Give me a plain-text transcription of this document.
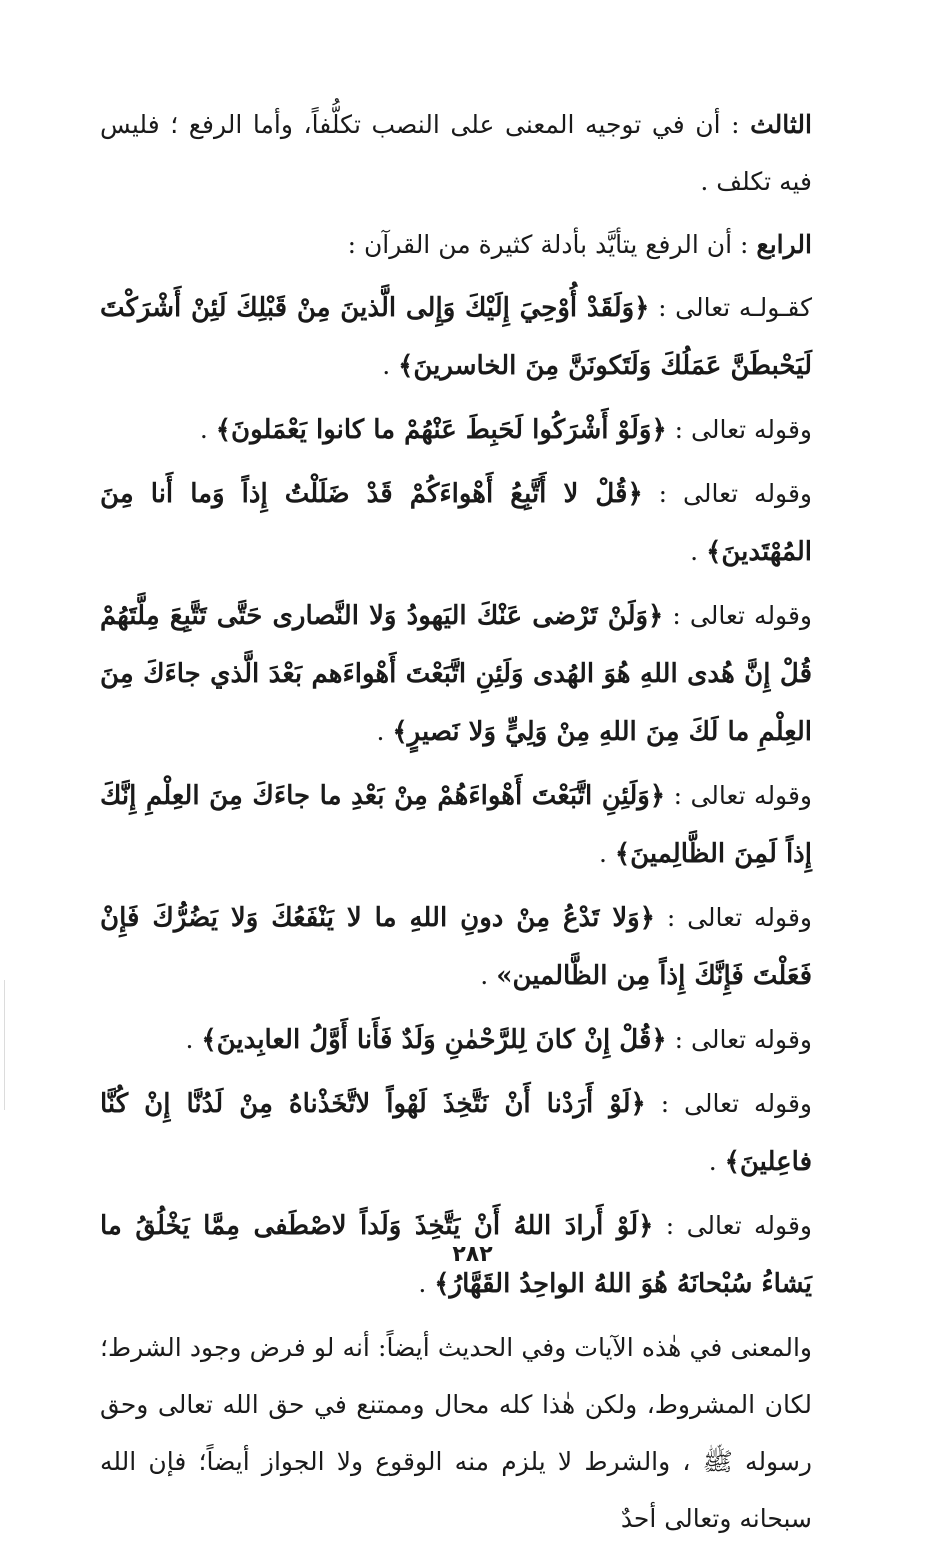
الثالث : أن في توجيه المعنى على النصب تكلُّفاً، وأما الرفع ؛ فليس فيه تكلف .

الرابع : أن الرفع يتأيَّد بأدلة كثيرة من القرآن :

كقـولـه تعالى : ﴿وَلَقَدْ أُوْحِيَ إِلَيْكَ وَإِلى الَّذينَ مِنْ قَبْلِكَ لَئِنْ أَشْرَكْتَ لَيَحْبطَنَّ عَمَلُكَ وَلَتَكونَنَّ مِنَ الخاسرينَ﴾ .

وقوله تعالى : ﴿وَلَوْ أَشْرَكُوا لَحَبِطَ عَنْهُمْ ما كانوا يَعْمَلونَ﴾ .

وقوله تعالى : ﴿قُلْ لا أَتَّبِعُ أَهْواءَكُمْ قَدْ ضَلَلْتُ إِذاً وَما أَنا مِنَ المُهْتَدينَ﴾ .

وقوله تعالى : ﴿وَلَنْ تَرْضى عَنْكَ اليَهودُ وَلا النَّصارى حَتَّى تَتَّبِعَ مِلَّتَهُمْ قُلْ إِنَّ هُدى اللهِ هُوَ الهُدى وَلَئِنِ اتَّبَعْتَ أَهْواءَهم بَعْدَ الَّذي جاءَكَ مِنَ العِلْمِ ما لَكَ مِنَ اللهِ مِنْ وَلِيٍّ وَلا نَصيرٍ﴾ .

وقوله تعالى : ﴿وَلَئِنِ اتَّبَعْتَ أَهْواءَهُمْ مِنْ بَعْدِ ما جاءَكَ مِنَ العِلْمِ إِنَّكَ إِذاً لَمِنَ الظَّالِمينَ﴾ .

وقوله تعالى : ﴿وَلا تَدْعُ مِنْ دونِ اللهِ ما لا يَنْفَعُكَ وَلا يَضُرُّكَ فَإِنْ فَعَلْتَ فَإِنَّكَ إِذاً مِن الظَّالمين» .

وقوله تعالى : ﴿قُلْ إِنْ كانَ لِلرَّحْمٰنِ وَلَدٌ فَأَنا أَوَّلُ العابِدينَ﴾ .

وقوله تعالى : ﴿لَوْ أَرَدْنا أَنْ نَتَّخِذَ لَهْواً لاتَّخَذْناهُ مِنْ لَدُنَّا إِنْ كُنَّا فاعِلينَ﴾ .

وقوله تعالى : ﴿لَوْ أَرادَ اللهُ أَنْ يَتَّخِذَ وَلَداً لاصْطَفى مِمَّا يَخْلُقُ ما يَشاءُ سُبْحانَهُ هُوَ اللهُ الواحِدُ القَهَّارُ﴾ .

والمعنى في هٰذه الآيات وفي الحديث أيضاً: أنه لو فرض وجود الشرط؛ لكان المشروط، ولكن هٰذا كله محال وممتنع في حق الله تعالى وحق رسوله ﷺ ، والشرط لا يلزم منه الوقوع ولا الجواز أيضاً؛ فإن الله سبحانه وتعالى أحدٌ

٢٨٢
